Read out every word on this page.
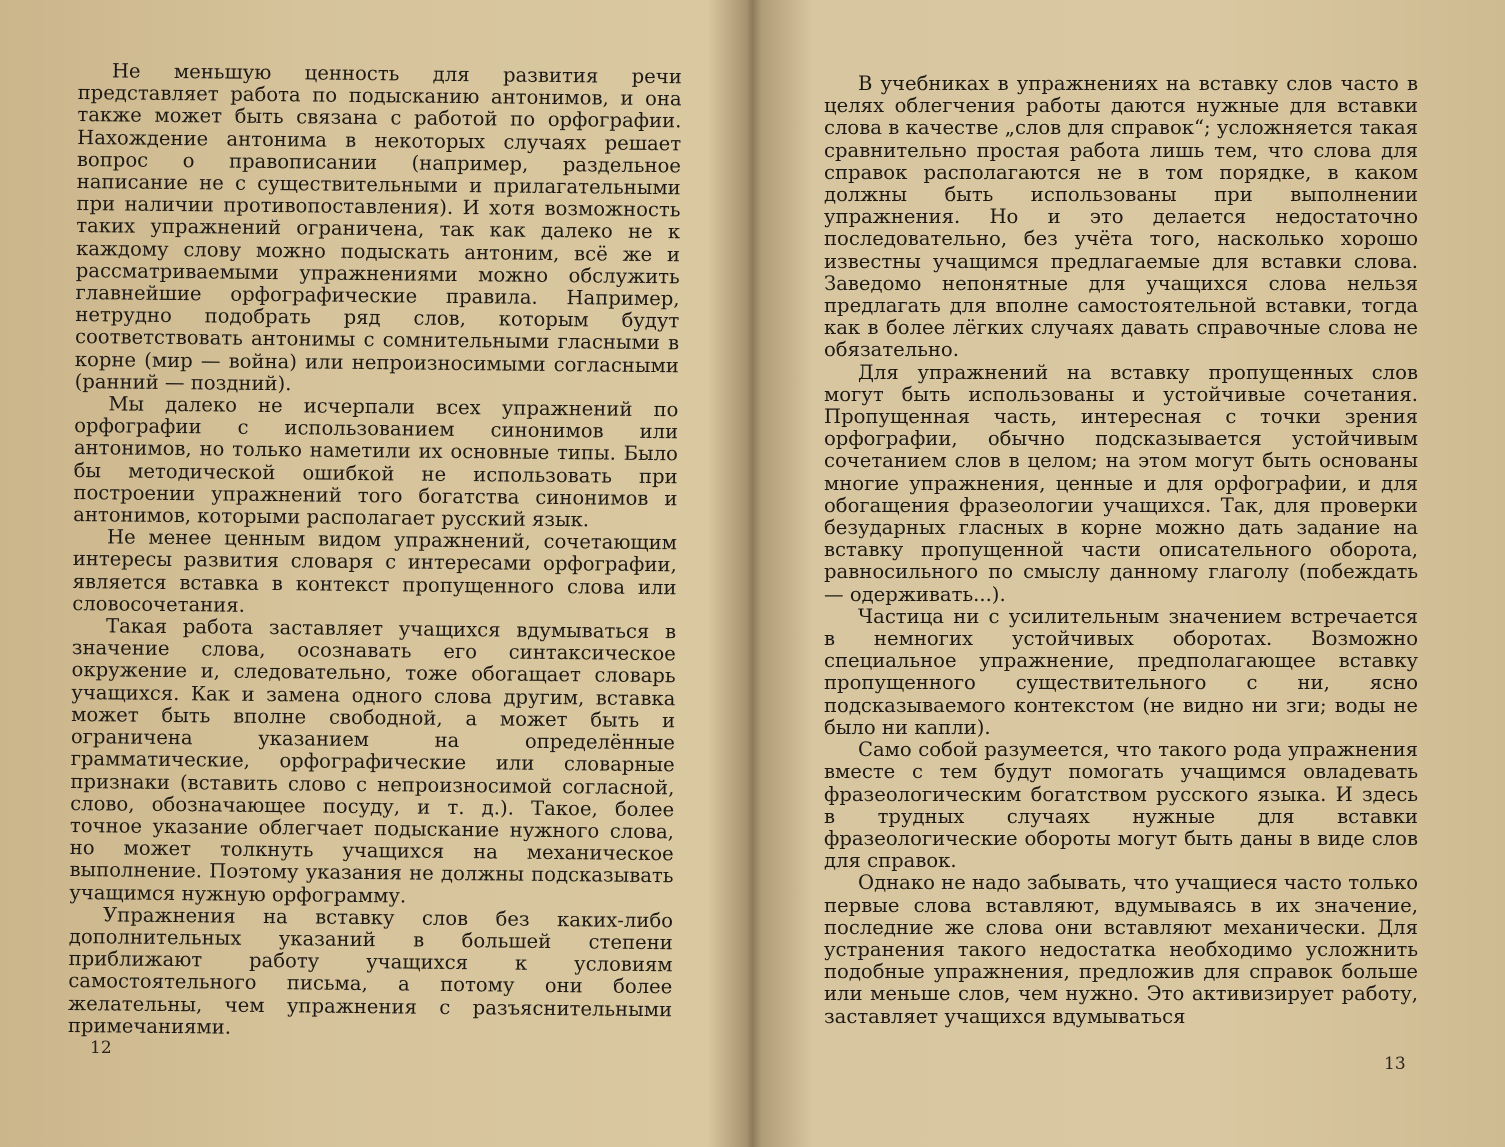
Не меньшую ценность для развития речи представляет работа по подысканию антонимов, и она также может быть связана с работой по орфографии. Нахождение антонима в некоторых случаях решает вопрос о правописании (например, раздельное написание не с существительными и прилагательными при наличии противопоставления). И хотя возможность таких упражнений ограничена, так как далеко не к каждому слову можно подыскать антоним, всё же и рассматриваемыми упражнениями можно обслужить главнейшие орфографические правила. Например, нетрудно подобрать ряд слов, которым будут соответствовать антонимы с сомнительными гласными в корне (мир — война) или непроизносимыми согласными (ранний — поздний).

Мы далеко не исчерпали всех упражнений по орфографии с использованием синонимов или антонимов, но только наметили их основные типы. Было бы методической ошибкой не использовать при построении упражнений того богатства синонимов и антонимов, которыми располагает русский язык.

Не менее ценным видом упражнений, сочетающим интересы развития словаря с интересами орфографии, является вставка в контекст пропущенного слова или словосочетания.

Такая работа заставляет учащихся вдумываться в значение слова, осознавать его синтаксическое окружение и, следовательно, тоже обогащает словарь учащихся. Как и замена одного слова другим, вставка может быть вполне свободной, а может быть и ограничена указанием на определённые грамматические, орфографические или словарные признаки (вставить слово с непроизносимой согласной, слово, обозначающее посуду, и т. д.). Такое, более точное указание облегчает подыскание нужного слова, но может толкнуть учащихся на механическое выполнение. Поэтому указания не должны подсказывать учащимся нужную орфограмму.

Упражнения на вставку слов без каких-либо дополнительных указаний в большей степени приближают работу учащихся к условиям самостоятельного письма, а потому они более желательны, чем упражнения с разъяснительными примечаниями.

12

В учебниках в упражнениях на вставку слов часто в целях облегчения работы даются нужные для вставки слова в качестве „слов для справок“; усложняется такая сравнительно простая работа лишь тем, что слова для справок располагаются не в том порядке, в каком должны быть использованы при выполнении упражнения. Но и это делается недостаточно последовательно, без учёта того, насколько хорошо известны учащимся предлагаемые для вставки слова. Заведомо непонятные для учащихся слова нельзя предлагать для вполне самостоятельной вставки, тогда как в более лёгких случаях давать справочные слова не обязательно.

Для упражнений на вставку пропущенных слов могут быть использованы и устойчивые сочетания. Пропущенная часть, интересная с точки зрения орфографии, обычно подсказывается устойчивым сочетанием слов в целом; на этом могут быть основаны многие упражнения, ценные и для орфографии, и для обогащения фразеологии учащихся. Так, для проверки безударных гласных в корне можно дать задание на вставку пропущенной части описательного оборота, равносильного по смыслу данному глаголу (побеждать — одерживать...).

Частица ни с усилительным значением встречается в немногих устойчивых оборотах. Возможно специальное упражнение, предполагающее вставку пропущенного существительного с ни, ясно подсказываемого контекстом (не видно ни зги; воды не было ни капли).

Само собой разумеется, что такого рода упражнения вместе с тем будут помогать учащимся овладевать фразеологическим богатством русского языка. И здесь в трудных случаях нужные для вставки фразеологические обороты могут быть даны в виде слов для справок.

Однако не надо забывать, что учащиеся часто только первые слова вставляют, вдумываясь в их значение, последние же слова они вставляют механически. Для устранения такого недостатка необходимо усложнить подобные упражнения, предложив для справок больше или меньше слов, чем нужно. Это активизирует работу, заставляет учащихся вдумываться

13
